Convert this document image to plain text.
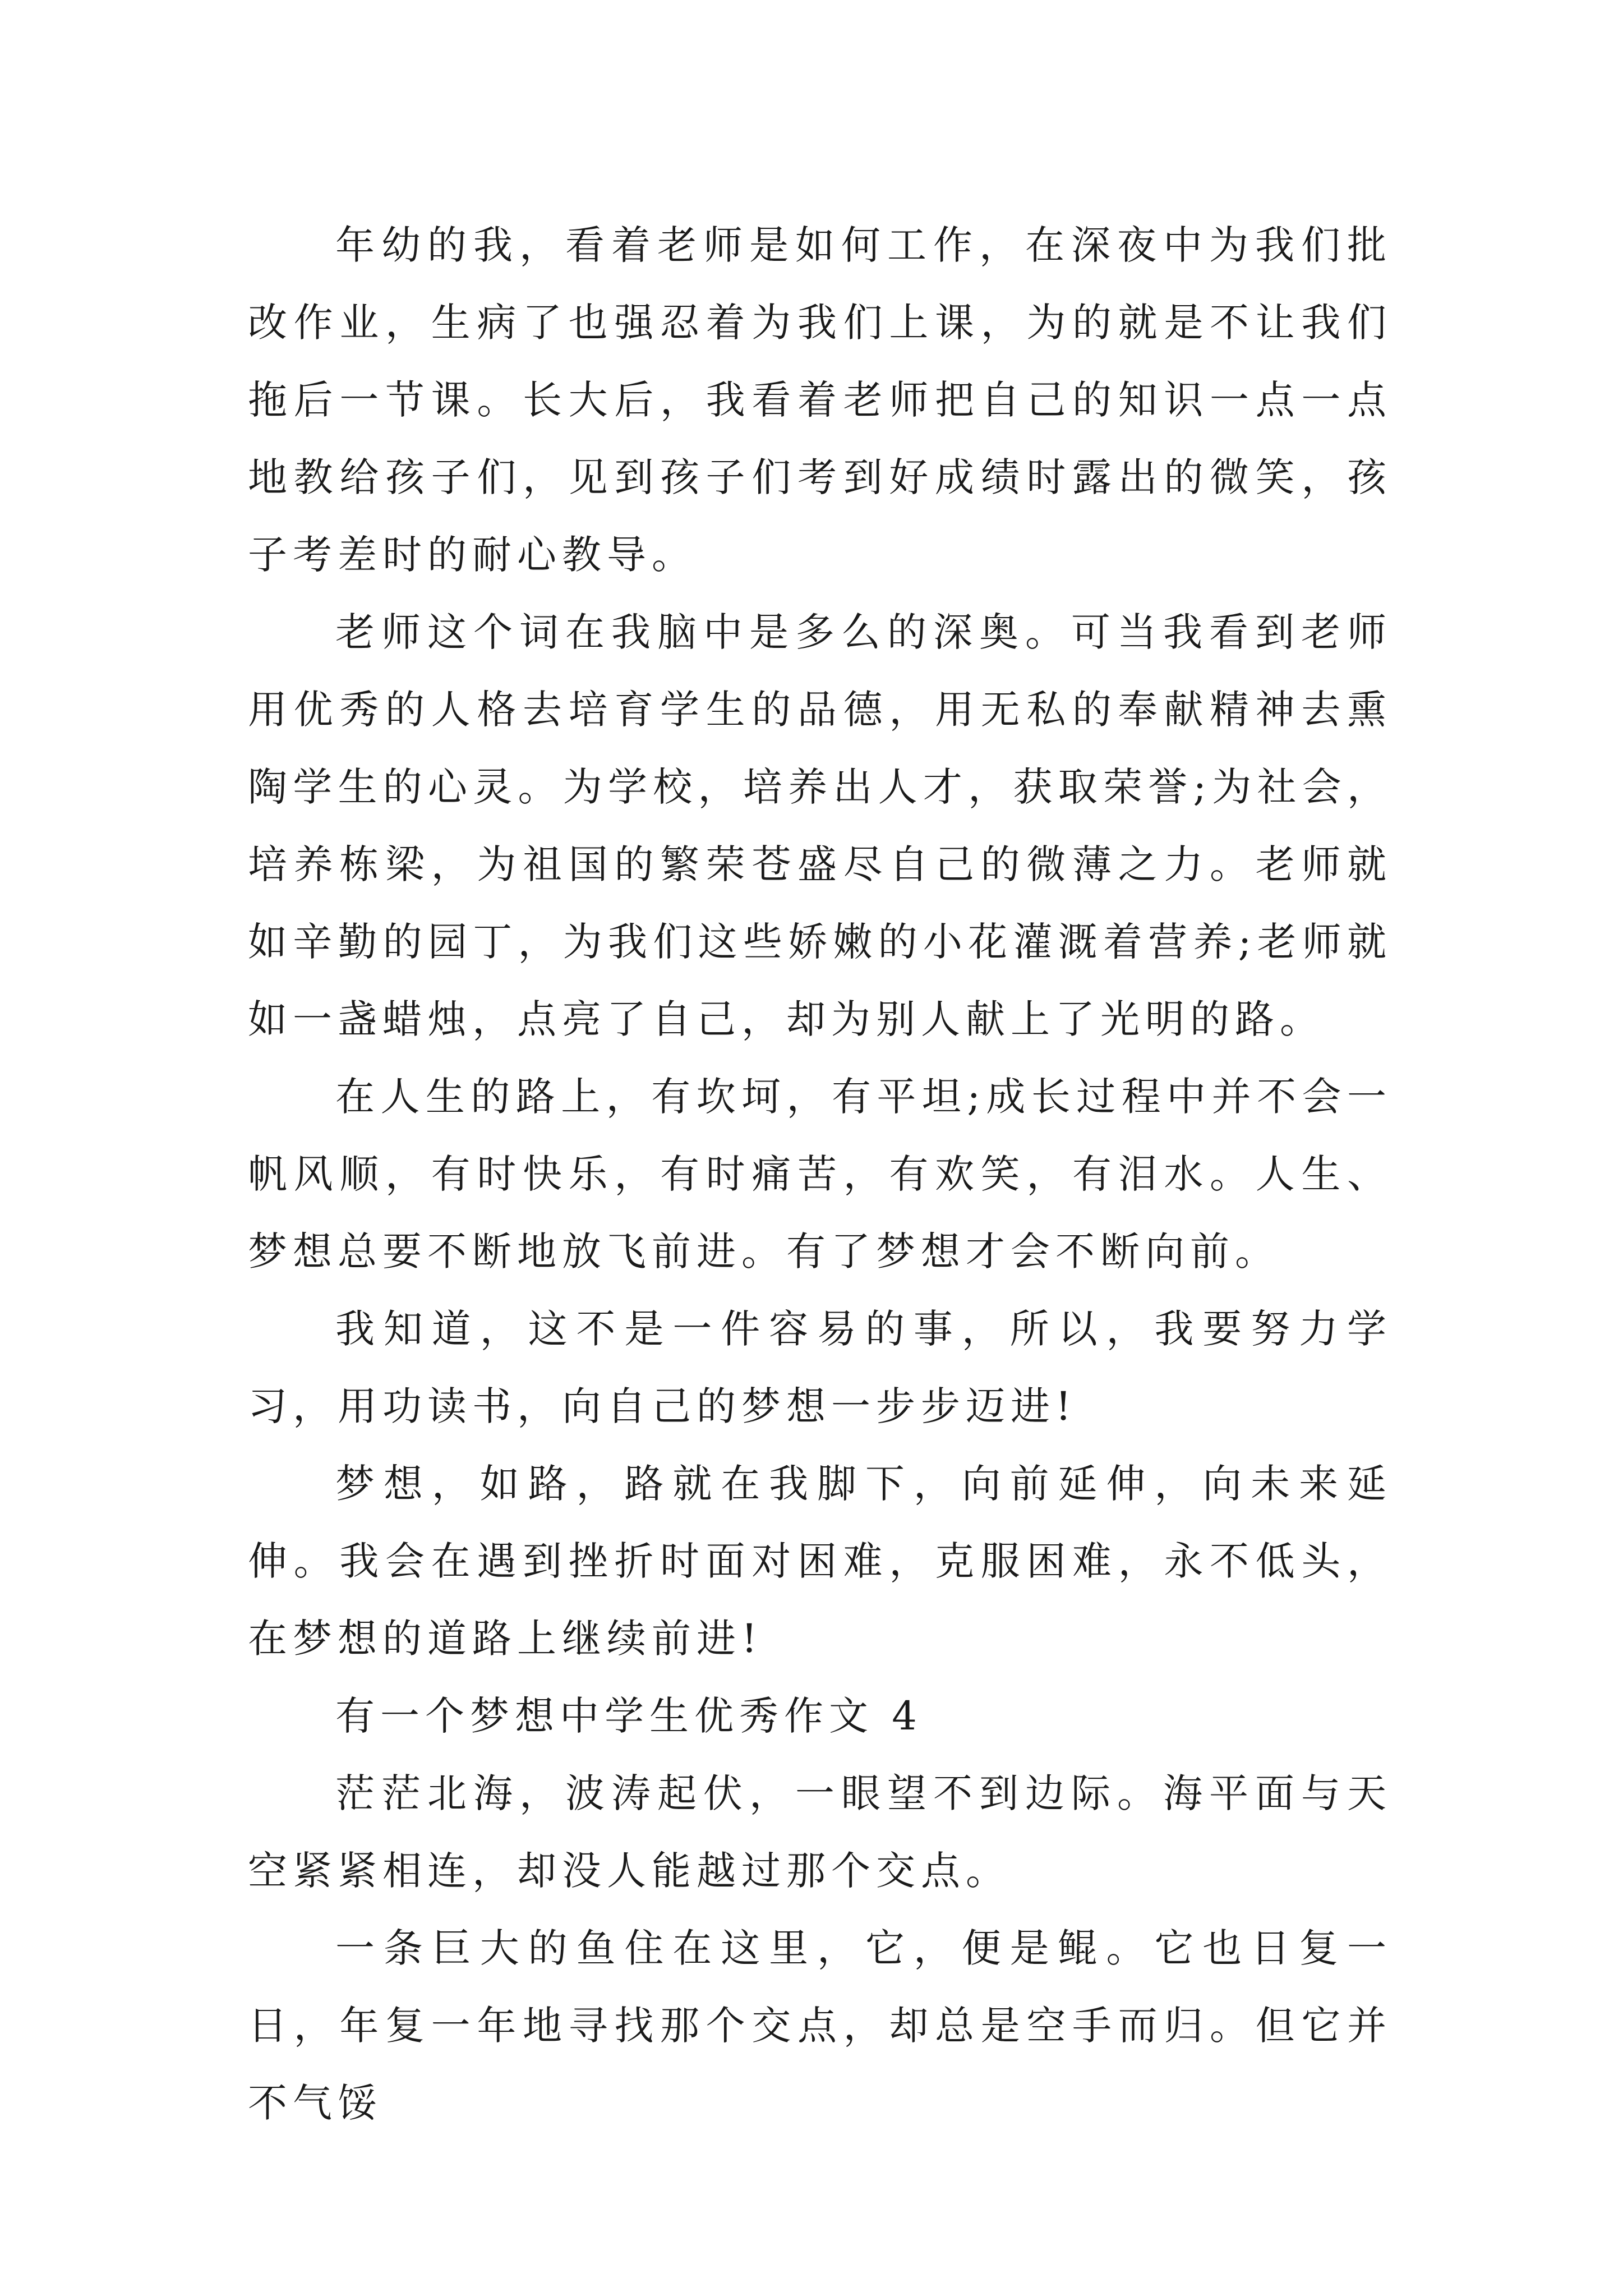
年幼的我，看着老师是如何工作，在深夜中为我们批改作业，生病了也强忍着为我们上课，为的就是不让我们拖后一节课。长大后，我看着老师把自己的知识一点一点地教给孩子们，见到孩子们考到好成绩时露出的微笑，孩子考差时的耐心教导。

老师这个词在我脑中是多么的深奥。可当我看到老师用优秀的人格去培育学生的品德，用无私的奉献精神去熏陶学生的心灵。为学校，培养出人才，获取荣誉;为社会，培养栋梁，为祖国的繁荣苍盛尽自己的微薄之力。老师就如辛勤的园丁，为我们这些娇嫩的小花灌溉着营养;老师就如一盏蜡烛，点亮了自己，却为别人献上了光明的路。

在人生的路上，有坎坷，有平坦;成长过程中并不会一帆风顺，有时快乐，有时痛苦，有欢笑，有泪水。人生、梦想总要不断地放飞前进。有了梦想才会不断向前。

我知道，这不是一件容易的事，所以，我要努力学习，用功读书，向自己的梦想一步步迈进!

梦想，如路，路就在我脚下，向前延伸，向未来延伸。我会在遇到挫折时面对困难，克服困难，永不低头，在梦想的道路上继续前进!

有一个梦想中学生优秀作文 4

茫茫北海，波涛起伏，一眼望不到边际。海平面与天空紧紧相连，却没人能越过那个交点。

一条巨大的鱼住在这里，它，便是鲲。它也日复一日，年复一年地寻找那个交点，却总是空手而归。但它并不气馁
